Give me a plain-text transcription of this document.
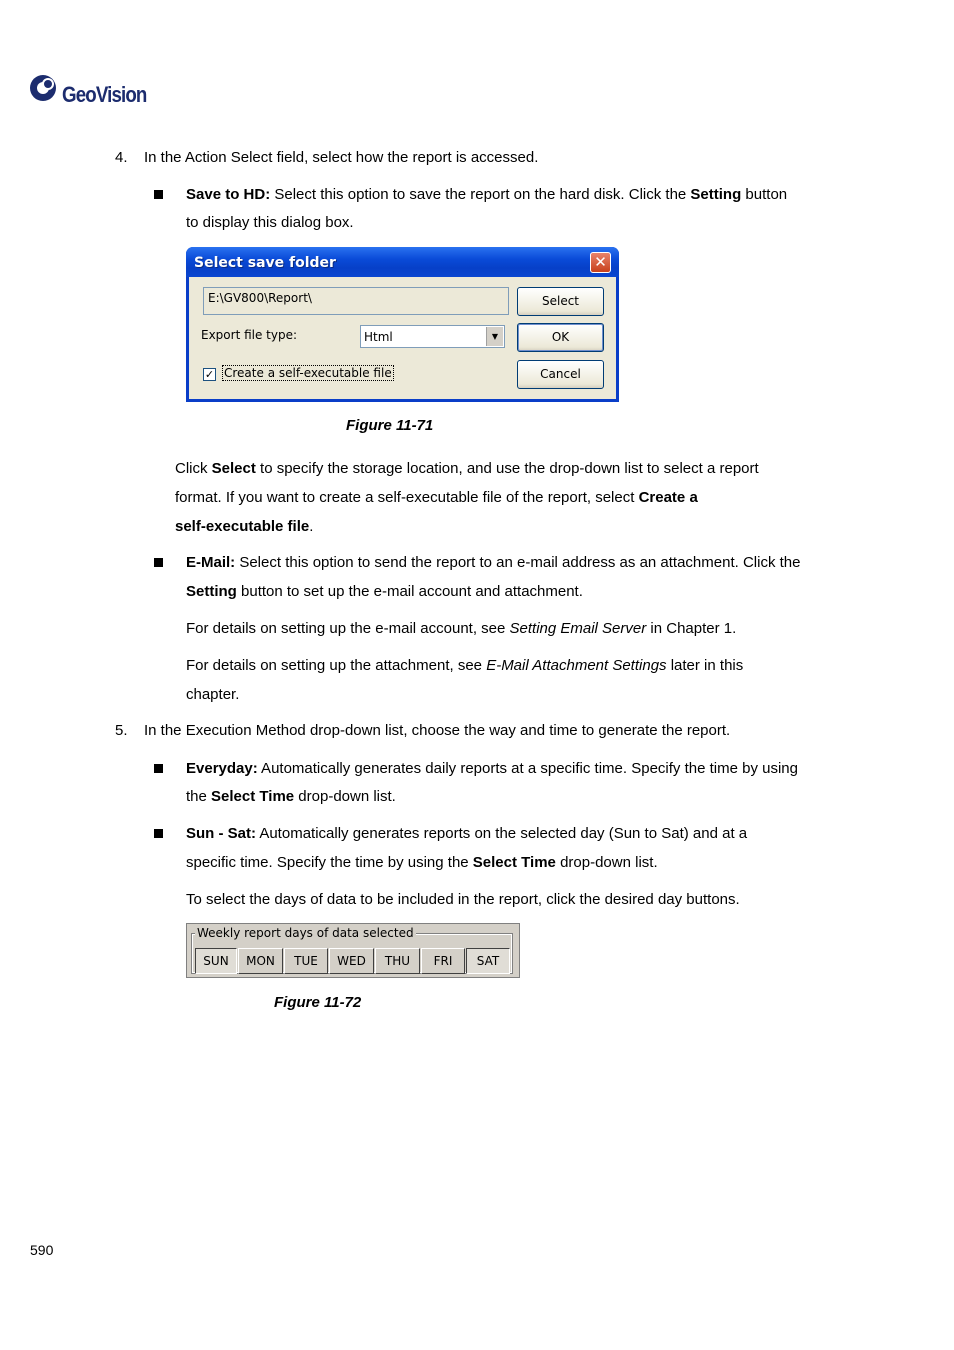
GeoVision
4. In the Action Select field, select how the report is accessed.
Save to HD: Select this option to save the report on the hard disk. Click the Setting button
to display this dialog box.
Select save folder	✕
E:\GV800\Report\	Select
Export file type:	Html	▼	OK
✓ Create a self-executable file	Cancel
Figure 11-71
Click Select to specify the storage location, and use the drop-down list to select a report
format. If you want to create a self-executable file of the report, select Create a
self-executable file.
E-Mail: Select this option to send the report to an e-mail address as an attachment. Click the
Setting button to set up the e-mail account and attachment.
For details on setting up the e-mail account, see Setting Email Server in Chapter 1.
For details on setting up the attachment, see E-Mail Attachment Settings later in this
chapter.
5. In the Execution Method drop-down list, choose the way and time to generate the report.
Everyday: Automatically generates daily reports at a specific time. Specify the time by using
the Select Time drop-down list.
Sun - Sat: Automatically generates reports on the selected day (Sun to Sat) and at a
specific time. Specify the time by using the Select Time drop-down list.
To select the days of data to be included in the report, click the desired day buttons.
Weekly report days of data selected
SUN	MON	TUE	WED	THU	FRI	SAT
Figure 11-72
590
